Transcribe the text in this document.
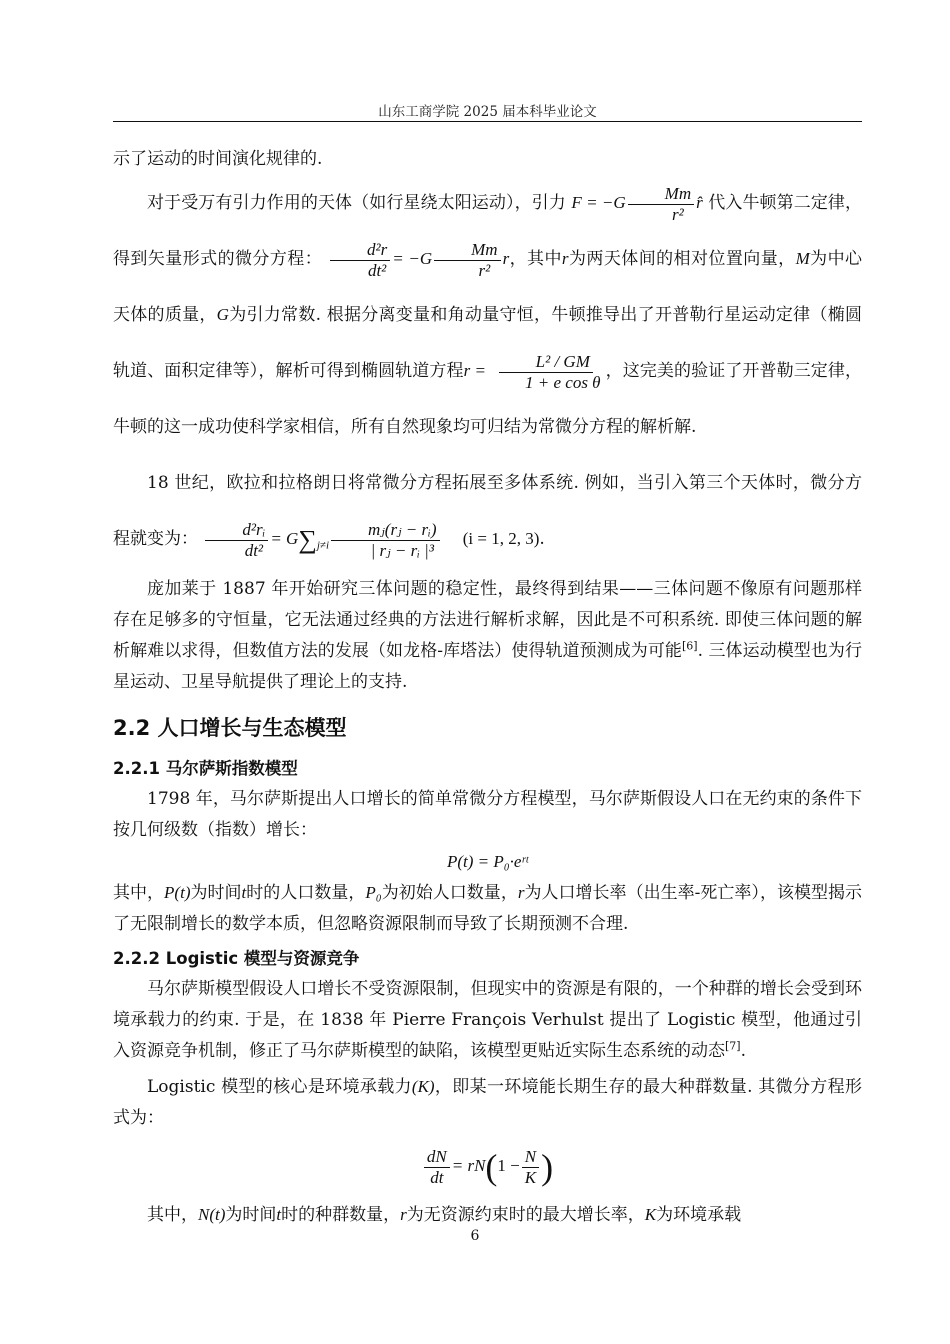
山东工商学院 2025 届本科毕业论文

示了运动的时间演化规律的.

对于受万有引力作用的天体（如行星绕太阳运动），引力 $F = -G \frac{Mm}{\text{r²}}$ r̂ 代入牛顿第二定律，得到矢量形式的微分方程： $\frac{\text{d²r}}{\text{dt²}} = -G \frac{Mm}{\text{r²}}$ r，其中r为两天体间的相对位置向量，M为中心天体的质量，G为引力常数. 根据分离变量和角动量守恒，牛顿推导出了开普勒行星运动定律（椭圆轨道、面积定律等），解析可得到椭圆轨道方程$r = \frac{\text{L² / GM}}{\text{1 + e cos θ}}$ ，这完美的验证了开普勒三定律，牛顿的这一成功使科学家相信，所有自然现象均可归结为常微分方程的解析解.

18 世纪，欧拉和拉格朗日将常微分方程拓展至多体系统. 例如，当引入第三个天体时，微分方程就变为： $\frac{\text{d²rᵢ}}{\text{dt²}} = G\sum_{j\ne i} \frac{\text{mⱼ(rⱼ − rᵢ)}}{\text{| rⱼ − rᵢ |³}} (i = 1$, 2, 3).

庞加莱于 1887 年开始研究三体问题的稳定性，最终得到结果——三体问题不像原有问题那样存在足够多的守恒量，它无法通过经典的方法进行解析求解，因此是不可积系统. 即使三体问题的解析解难以求得，但数值方法的发展（如龙格-库塔法）使得轨道预测成为可能[6]. 三体运动模型也为行星运动、卫星导航提供了理论上的支持.

2.2 人口增长与生态模型
2.2.1 马尔萨斯指数模型

1798 年，马尔萨斯提出人口增长的简单常微分方程模型，马尔萨斯假设人口在无约束的条件下按几何级数（指数）增长：

P(t) = P₀·eʳᵗ

其中，P(t)为时间t时的人口数量，P₀为初始人口数量，r为人口增长率（出生率-死亡率），该模型揭示了无限制增长的数学本质，但忽略资源限制而导致了长期预测不合理.

2.2.2 Logistic 模型与资源竞争

马尔萨斯模型假设人口增长不受资源限制，但现实中的资源是有限的，一个种群的增长会受到环境承载力的约束. 于是，在 1838 年 Pierre François Verhulst 提出了 Logistic 模型，他通过引入资源竞争机制，修正了马尔萨斯模型的缺陷，该模型更贴近实际生态系统的动态[7].

Logistic 模型的核心是环境承载力(K)，即某一环境能长期生存的最大种群数量. 其微分方程形式为：

$\frac{dN}{dt} = rN(1 - \frac{N}{K}$ )

其中，N(t)为时间t时的种群数量，r为无资源约束时的最大增长率，K为环境承载

6
